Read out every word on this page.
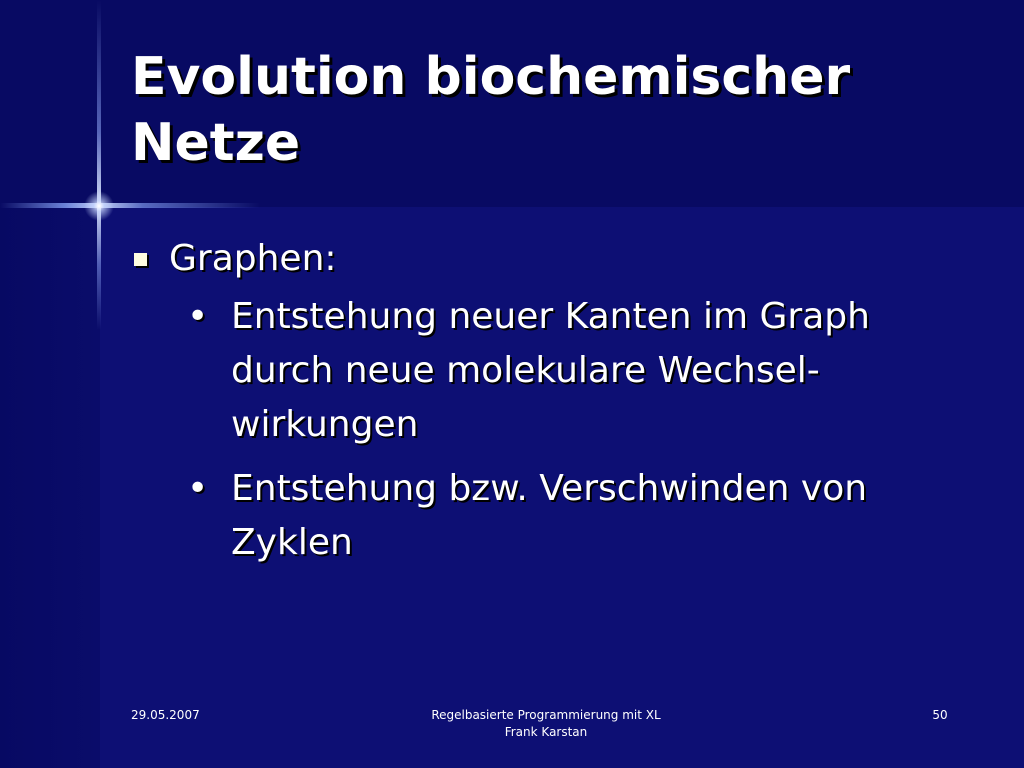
Evolution biochemischer Netze
Graphen:
• Entstehung neuer Kanten im Graph durch neue molekulare Wechsel-wirkungen
• Entstehung bzw. Verschwinden von Zyklen
29.05.2007	Regelbasierte Programmierung mit XL
Frank Karstan
50
